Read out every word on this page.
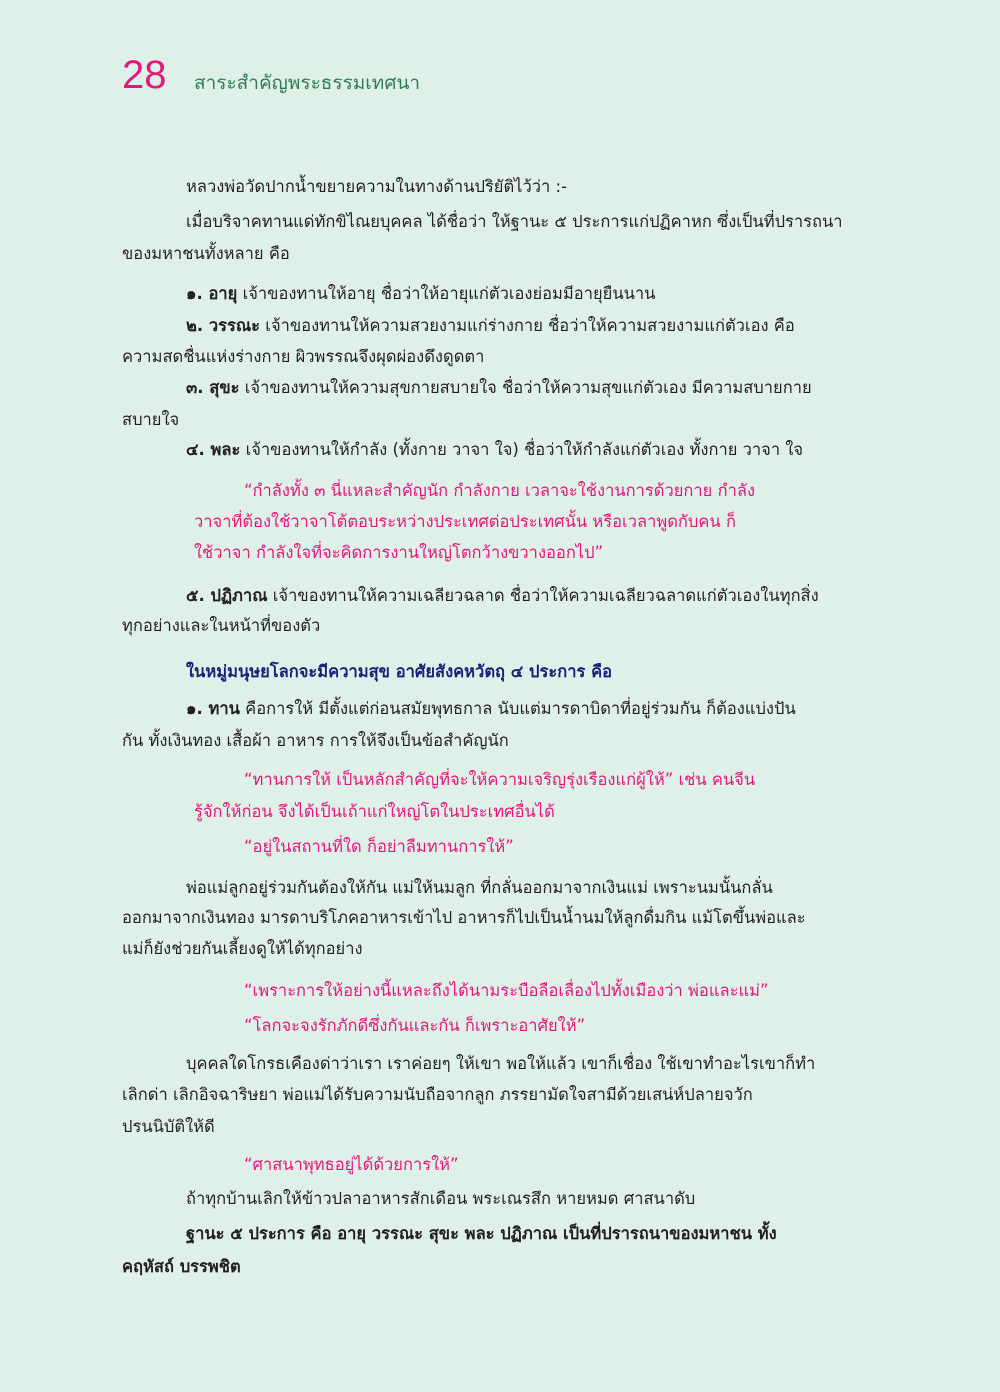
28 สาระสำคัญพระธรรมเทศนา
หลวงพ่อวัดปากน้ำขยายความในทางด้านปริยัติไว้ว่า :-
เมื่อบริจาคทานแด่ทักขิไณยบุคคล ได้ชื่อว่า ให้ฐานะ ๕ ประการแก่ปฏิคาหก ซึ่งเป็นที่ปรารถนา
ของมหาชนทั้งหลาย คือ
๑. อายุ เจ้าของทานให้อายุ ชื่อว่าให้อายุแก่ตัวเองย่อมมีอายุยืนนาน
๒. วรรณะ เจ้าของทานให้ความสวยงามแก่ร่างกาย ชื่อว่าให้ความสวยงามแก่ตัวเอง คือ
ความสดชื่นแห่งร่างกาย ผิวพรรณจึงผุดผ่องดึงดูดตา
๓. สุขะ เจ้าของทานให้ความสุขกายสบายใจ ชื่อว่าให้ความสุขแก่ตัวเอง มีความสบายกาย
สบายใจ
๔. พละ เจ้าของทานให้กำลัง (ทั้งกาย วาจา ใจ) ชื่อว่าให้กำลังแก่ตัวเอง ทั้งกาย วาจา ใจ
“กำลังทั้ง ๓ นี่แหละสำคัญนัก กำลังกาย เวลาจะใช้งานการด้วยกาย กำลัง
วาจาที่ต้องใช้วาจาโต้ตอบระหว่างประเทศต่อประเทศนั้น หรือเวลาพูดกับคน ก็
ใช้วาจา กำลังใจที่จะคิดการงานใหญ่โตกว้างขวางออกไป”
๕. ปฏิภาณ เจ้าของทานให้ความเฉลียวฉลาด ชื่อว่าให้ความเฉลียวฉลาดแก่ตัวเองในทุกสิ่ง
ทุกอย่างและในหน้าที่ของตัว
ในหมู่มนุษยโลกจะมีความสุข อาศัยสังคหวัตถุ ๔ ประการ คือ
๑. ทาน คือการให้ มีตั้งแต่ก่อนสมัยพุทธกาล นับแต่มารดาบิดาที่อยู่ร่วมกัน ก็ต้องแบ่งปัน
กัน ทั้งเงินทอง เสื้อผ้า อาหาร การให้จึงเป็นข้อสำคัญนัก
“ทานการให้ เป็นหลักสำคัญที่จะให้ความเจริญรุ่งเรืองแก่ผู้ให้” เช่น คนจีน
รู้จักให้ก่อน จึงได้เป็นเถ้าแก่ใหญ่โตในประเทศอื่นได้
“อยู่ในสถานที่ใด ก็อย่าลืมทานการให้”
พ่อแม่ลูกอยู่ร่วมกันต้องให้กัน แม่ให้นมลูก ที่กลั่นออกมาจากเงินแม่ เพราะนมนั้นกลั่น
ออกมาจากเงินทอง มารดาบริโภคอาหารเข้าไป อาหารก็ไปเป็นน้ำนมให้ลูกดื่มกิน แม้โตขึ้นพ่อและ
แม่ก็ยังช่วยกันเลี้ยงดูให้ได้ทุกอย่าง
“เพราะการให้อย่างนี้แหละถึงได้นามระบือลือเลื่องไปทั้งเมืองว่า พ่อและแม่”
“โลกจะจงรักภักดีซึ่งกันและกัน ก็เพราะอาศัยให้”
บุคคลใดโกรธเคืองด่าว่าเรา เราค่อยๆ ให้เขา พอให้แล้ว เขาก็เชื่อง ใช้เขาทำอะไรเขาก็ทำ
เลิกด่า เลิกอิจฉาริษยา พ่อแม่ได้รับความนับถือจากลูก ภรรยามัดใจสามีด้วยเสน่ห์ปลายจวัก
ปรนนิบัติให้ดี
“ศาสนาพุทธอยู่ได้ด้วยการให้”
ถ้าทุกบ้านเลิกให้ข้าวปลาอาหารสักเดือน พระเณรสึก หายหมด ศาสนาดับ
ฐานะ ๕ ประการ คือ อายุ วรรณะ สุขะ พละ ปฏิภาณ เป็นที่ปรารถนาของมหาชน ทั้ง
คฤหัสถ์ บรรพชิต
